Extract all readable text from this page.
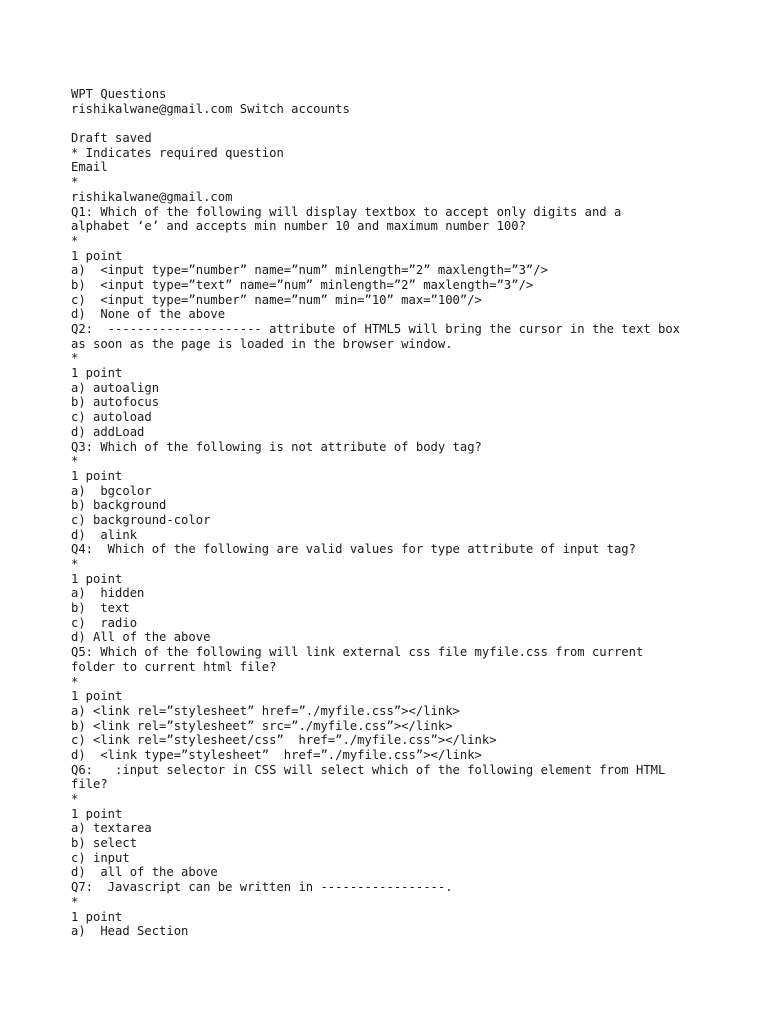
WPT Questions
rishikalwane@gmail.com Switch accounts
Draft saved
* Indicates required question
Email
*
rishikalwane@gmail.com
Q1: Which of the following will display textbox to accept only digits and a
alphabet ‘e’ and accepts min number 10 and maximum number 100?
*
1 point
a)  <input type=”number” name=”num” minlength=”2” maxlength=”3”/>
b)  <input type=”text” name=”num” minlength=”2” maxlength=”3”/>
c)  <input type=”number” name=”num” min=”10” max=”100”/>
d)  None of the above
Q2:  --------------------- attribute of HTML5 will bring the cursor in the text box
as soon as the page is loaded in the browser window.
*
1 point
a) autoalign
b) autofocus
c) autoload
d) addLoad
Q3: Which of the following is not attribute of body tag?
*
1 point
a)  bgcolor
b) background
c) background-color
d)  alink
Q4:  Which of the following are valid values for type attribute of input tag?
*
1 point
a)  hidden
b)  text
c)  radio
d) All of the above
Q5: Which of the following will link external css file myfile.css from current
folder to current html file?
*
1 point
a) <link rel=”stylesheet” href=”./myfile.css”></link>
b) <link rel=”stylesheet” src=”./myfile.css”></link>
c) <link rel=”stylesheet/css”  href=”./myfile.css”></link>
d)  <link type=”stylesheet”  href=”./myfile.css”></link>
Q6:   :input selector in CSS will select which of the following element from HTML
file?
*
1 point
a) textarea
b) select
c) input
d)  all of the above
Q7:  Javascript can be written in -----------------.
*
1 point
a)  Head Section
